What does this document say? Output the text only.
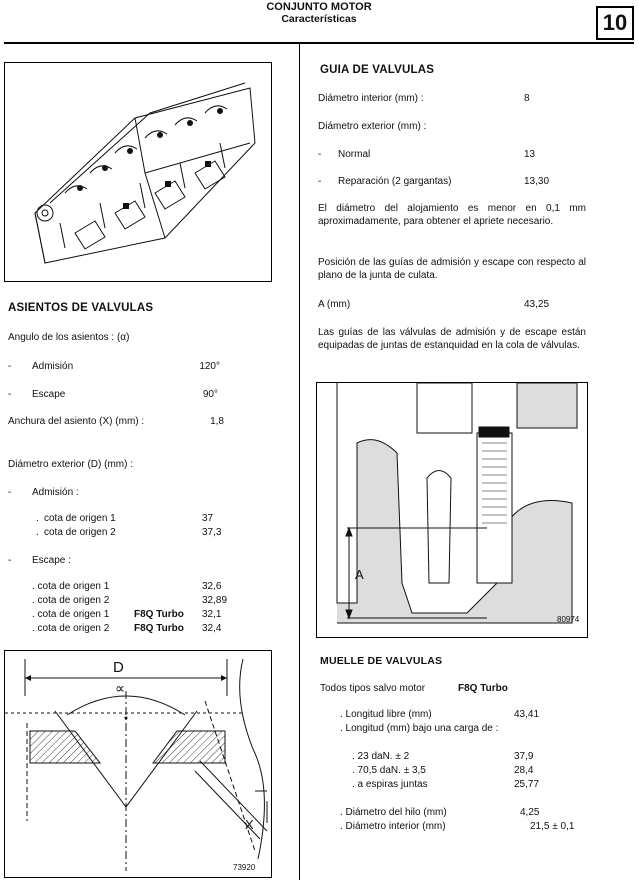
CONJUNTO MOTOR
Características	10
ASIENTOS DE VALVULAS
Angulo de los asientos : (α)
- Admisión	120°
- Escape	90°
Anchura del asiento (X) (mm) :	1,8
Diámetro exterior (D) (mm) :
- Admisión :
. cota de origen 1	37
. cota de origen 2	37,3
- Escape :
. cota de origen 1	32,6
. cota de origen 2	32,89
. cota de origen 1 F8Q Turbo 32,1
. cota de origen 2 F8Q Turbo 32,4
D
∝
X
73920
GUIA DE VALVULAS
Diámetro interior (mm) :	8
Diámetro exterior (mm) :
- Normal	13
- Reparación (2 gargantas)	13,30
El diámetro del alojamiento es menor en 0,1 mm aproximadamente, para obtener el apriete necesario.
Posición de las guías de admisión y escape con respecto al plano de la junta de culata.
A (mm)	43,25
Las guías de las válvulas de admisión y de escape están equipadas de juntas de estanquidad en la cola de válvulas.
A
80974
MUELLE DE VALVULAS
Todos tipos salvo motor	F8Q Turbo
. Longitud libre (mm)	43,41
. Longitud (mm) bajo una carga de :
. 23 daN. ± 2	37,9
. 70,5 daN. ± 3,5	28,4
. a espiras juntas	25,77
. Diámetro del hilo (mm)	4,25
. Diámetro interior (mm)	21,5 ± 0,1
